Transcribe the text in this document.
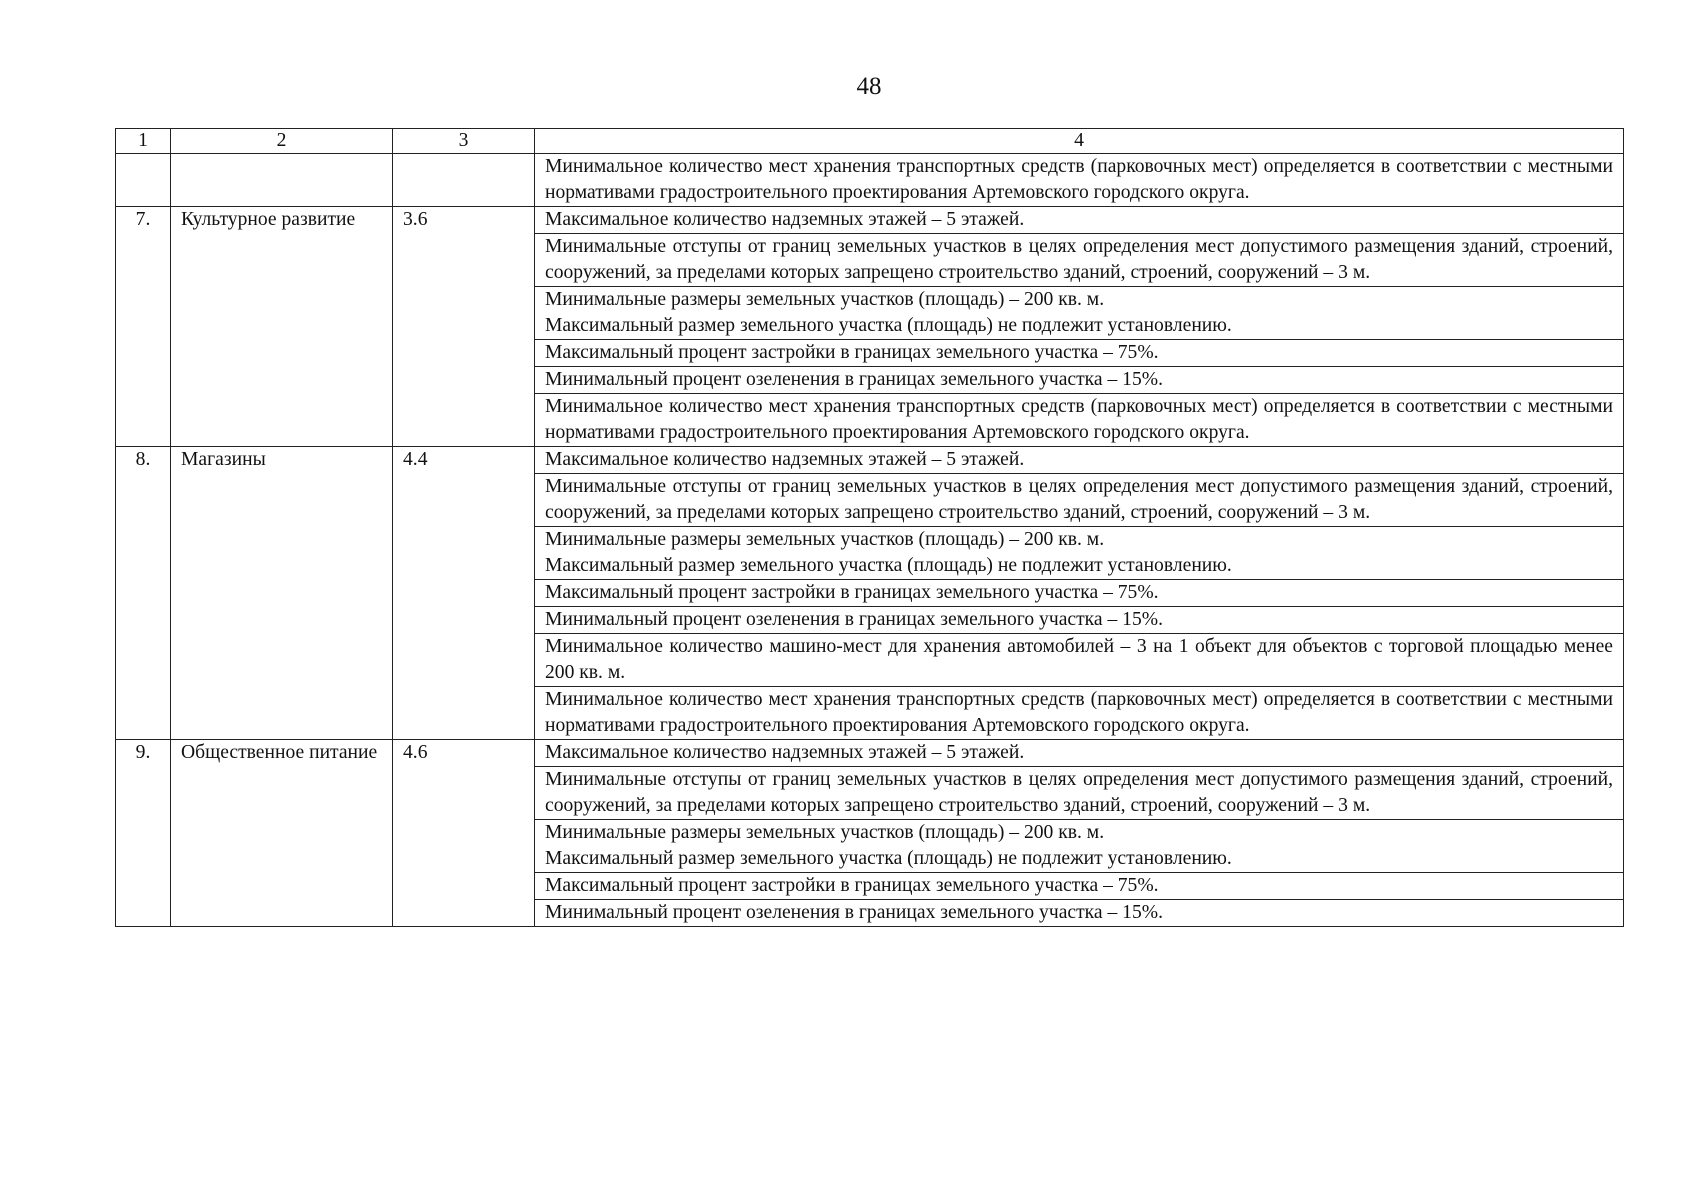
48
1	2	3	4
			Минимальное количество мест хранения транспортных средств (парковочных мест) определяется в соответствии с местными нормативами градостроительного проектирования Артемовского городского округа.
7.	Культурное развитие	3.6	Максимальное количество надземных этажей – 5 этажей.

			Минимальные отступы от границ земельных участков в целях определения мест допустимого размещения зданий, строений, сооружений, за пределами которых запрещено строительство зданий, строений, сооружений – 3 м.

			Минимальные размеры земельных участков (площадь) – 200 кв. м.
Максимальный размер земельного участка (площадь) не подлежит установлению.

			Максимальный процент застройки в границах земельного участка – 75%.

			Минимальный процент озеленения в границах земельного участка – 15%.

			Минимальное количество мест хранения транспортных средств (парковочных мест) определяется в соответствии с местными нормативами градостроительного проектирования Артемовского городского округа.

8.	Магазины	4.4	Максимальное количество надземных этажей – 5 этажей.

			Минимальные отступы от границ земельных участков в целях определения мест допустимого размещения зданий, строений, сооружений, за пределами которых запрещено строительство зданий, строений, сооружений – 3 м.

			Минимальные размеры земельных участков (площадь) – 200 кв. м.
Максимальный размер земельного участка (площадь) не подлежит установлению.

			Максимальный процент застройки в границах земельного участка – 75%.

			Минимальный процент озеленения в границах земельного участка – 15%.

			Минимальное количество машино-мест для хранения автомобилей – 3 на 1 объект для объектов с торговой площадью менее 200 кв. м.

			Минимальное количество мест хранения транспортных средств (парковочных мест) определяется в соответствии с местными нормативами градостроительного проектирования Артемовского городского округа.

9.	Общественное питание	4.6	Максимальное количество надземных этажей – 5 этажей.

			Минимальные отступы от границ земельных участков в целях определения мест допустимого размещения зданий, строений, сооружений, за пределами которых запрещено строительство зданий, строений, сооружений – 3 м.

			Минимальные размеры земельных участков (площадь) – 200 кв. м.
Максимальный размер земельного участка (площадь) не подлежит установлению.

			Максимальный процент застройки в границах земельного участка – 75%.

			Минимальный процент озеленения в границах земельного участка – 15%.
